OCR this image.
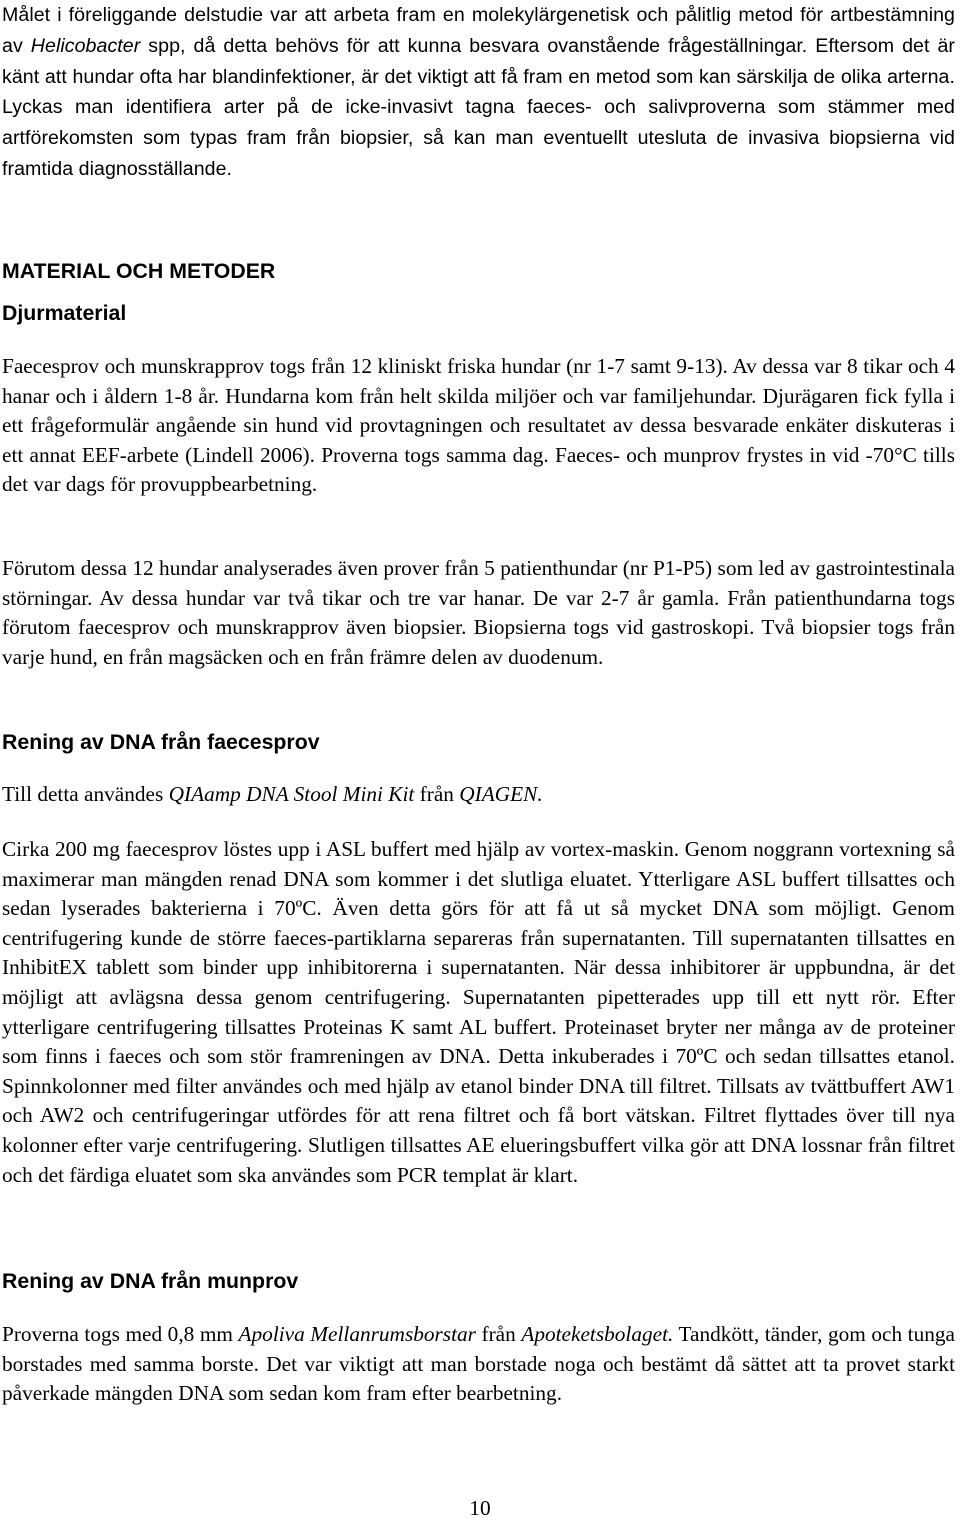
Målet i föreliggande delstudie var att arbeta fram en molekylärgenetisk och pålitlig metod för artbestämning av Helicobacter spp, då detta behövs för att kunna besvara ovanstående frågeställningar. Eftersom det är känt att hundar ofta har blandinfektioner, är det viktigt att få fram en metod som kan särskilja de olika arterna. Lyckas man identifiera arter på de icke-invasivt tagna faeces- och salivproverna som stämmer med artförekomsten som typas fram från biopsier, så kan man eventuellt utesluta de invasiva biopsierna vid framtida diagnosställande.

MATERIAL OCH METODER
Djurmaterial

Faecesprov och munskrapprov togs från 12 kliniskt friska hundar (nr 1-7 samt 9-13). Av dessa var 8 tikar och 4 hanar och i åldern 1-8 år. Hundarna kom från helt skilda miljöer och var familjehundar. Djurägaren fick fylla i ett frågeformulär angående sin hund vid provtagningen och resultatet av dessa besvarade enkäter diskuteras i ett annat EEF-arbete (Lindell 2006). Proverna togs samma dag. Faeces- och munprov frystes in vid -70°C tills det var dags för provuppbearbetning.

Förutom dessa 12 hundar analyserades även prover från 5 patienthundar (nr P1-P5) som led av gastrointestinala störningar. Av dessa hundar var två tikar och tre var hanar. De var 2-7 år gamla. Från patienthundarna togs förutom faecesprov och munskrapprov även biopsier. Biopsierna togs vid gastroskopi. Två biopsier togs från varje hund, en från magsäcken och en från främre delen av duodenum.

Rening av DNA från faecesprov

Till detta användes QIAamp DNA Stool Mini Kit från QIAGEN.

Cirka 200 mg faecesprov löstes upp i ASL buffert med hjälp av vortex-maskin. Genom noggrann vortexning så maximerar man mängden renad DNA som kommer i det slutliga eluatet. Ytterligare ASL buffert tillsattes och sedan lyserades bakterierna i 70ºC. Även detta görs för att få ut så mycket DNA som möjligt. Genom centrifugering kunde de större faeces-partiklarna separeras från supernatanten. Till supernatanten tillsattes en InhibitEX tablett som binder upp inhibitorerna i supernatanten. När dessa inhibitorer är uppbundna, är det möjligt att avlägsna dessa genom centrifugering. Supernatanten pipetterades upp till ett nytt rör. Efter ytterligare centrifugering tillsattes Proteinas K samt AL buffert. Proteinaset bryter ner många av de proteiner som finns i faeces och som stör framreningen av DNA. Detta inkuberades i 70ºC och sedan tillsattes etanol. Spinnkolonner med filter användes och med hjälp av etanol binder DNA till filtret. Tillsats av tvättbuffert AW1 och AW2 och centrifugeringar utfördes för att rena filtret och få bort vätskan. Filtret flyttades över till nya kolonner efter varje centrifugering. Slutligen tillsattes AE elueringsbuffert vilka gör att DNA lossnar från filtret och det färdiga eluatet som ska användes som PCR templat är klart.

Rening av DNA från munprov

Proverna togs med 0,8 mm Apoliva Mellanrumsborstar från Apoteketsbolaget. Tandkött, tänder, gom och tunga borstades med samma borste. Det var viktigt att man borstade noga och bestämt då sättet att ta provet starkt påverkade mängden DNA som sedan kom fram efter bearbetning.

10
